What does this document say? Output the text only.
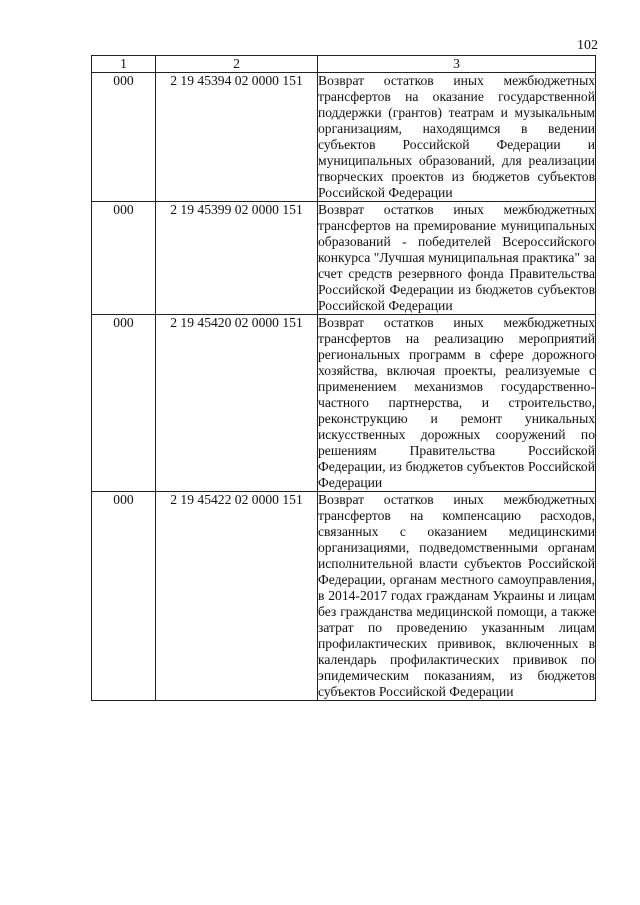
102
1	2	3
000	2 19 45394 02 0000 151	Возврат остатков иных межбюджетных трансфертов на оказание государственной поддержки (грантов) театрам и музыкальным организациям, находящимся в ведении субъектов Российской Федерации и муниципальных образований, для реализации творческих проектов из бюджетов субъектов Российской Федерации
000	2 19 45399 02 0000 151	Возврат остатков иных межбюджетных трансфертов на премирование муниципальных образований - победителей Всероссийского конкурса "Лучшая муниципальная практика" за счет средств резервного фонда Правительства Российской Федерации из бюджетов субъектов Российской Федерации
000	2 19 45420 02 0000 151	Возврат остатков иных межбюджетных трансфертов на реализацию мероприятий региональных программ в сфере дорожного хозяйства, включая проекты, реализуемые с применением механизмов государственно-частного партнерства, и строительство, реконструкцию и ремонт уникальных искусственных дорожных сооружений по решениям Правительства Российской Федерации, из бюджетов субъектов Российской Федерации
000	2 19 45422 02 0000 151	Возврат остатков иных межбюджетных трансфертов на компенсацию расходов, связанных с оказанием медицинскими организациями, подведомственными органам исполнительной власти субъектов Российской Федерации, органам местного самоуправления, в 2014-2017 годах гражданам Украины и лицам без гражданства медицинской помощи, а также затрат по проведению указанным лицам профилактических прививок, включенных в календарь профилактических прививок по эпидемическим показаниям, из бюджетов субъектов Российской Федерации
